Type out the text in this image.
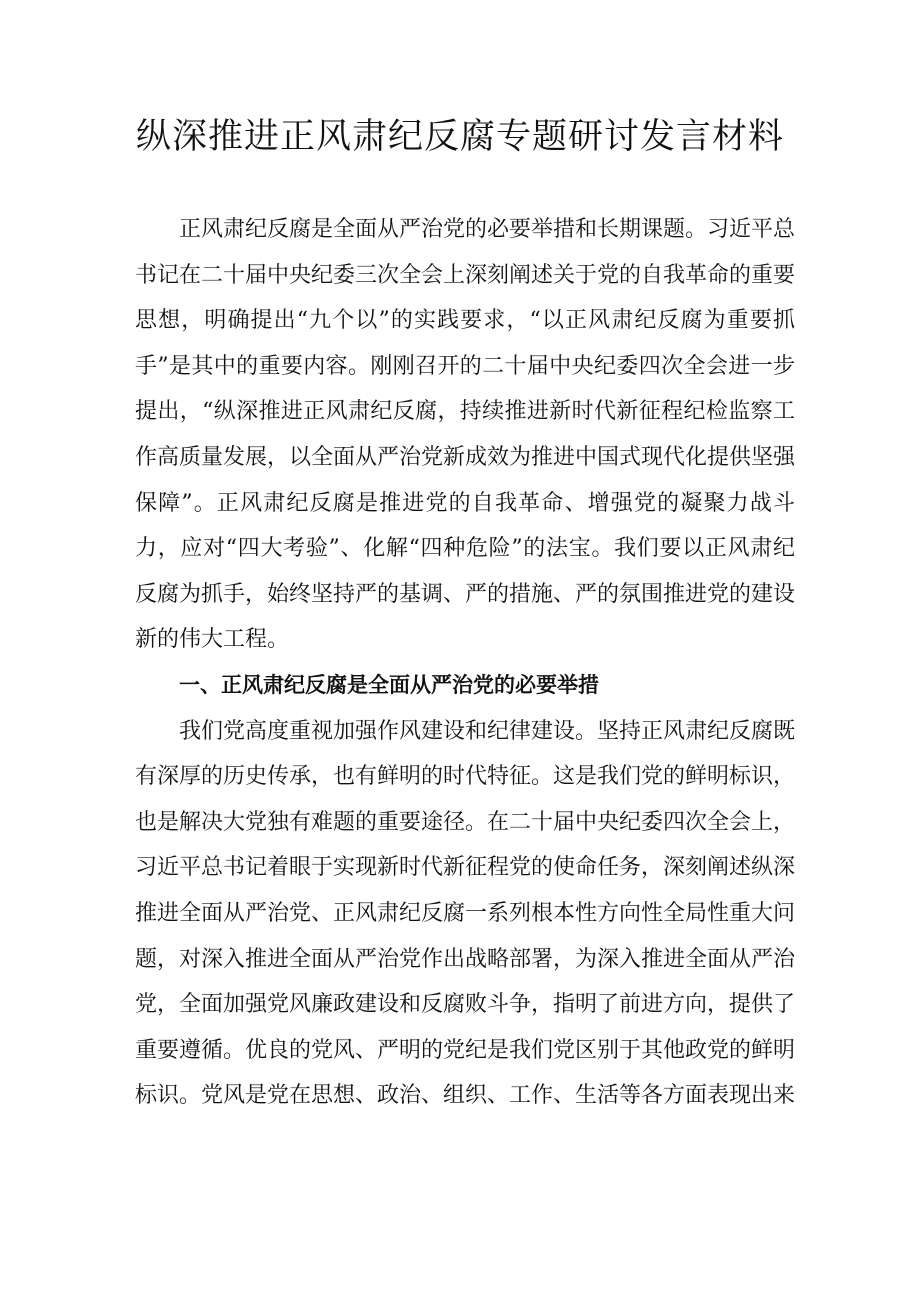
纵深推进正风肃纪反腐专题研讨发言材料

正风肃纪反腐是全面从严治党的必要举措和长期课题。习近平总书记在二十届中央纪委三次全会上深刻阐述关于党的自我革命的重要思想，明确提出“九个以”的实践要求，“以正风肃纪反腐为重要抓手”是其中的重要内容。刚刚召开的二十届中央纪委四次全会进一步提出，“纵深推进正风肃纪反腐，持续推进新时代新征程纪检监察工作高质量发展，以全面从严治党新成效为推进中国式现代化提供坚强保障”。正风肃纪反腐是推进党的自我革命、增强党的凝聚力战斗力，应对“四大考验”、化解“四种危险”的法宝。我们要以正风肃纪反腐为抓手，始终坚持严的基调、严的措施、严的氛围推进党的建设新的伟大工程。

一、正风肃纪反腐是全面从严治党的必要举措

我们党高度重视加强作风建设和纪律建设。坚持正风肃纪反腐既有深厚的历史传承，也有鲜明的时代特征。这是我们党的鲜明标识，也是解决大党独有难题的重要途径。在二十届中央纪委四次全会上，习近平总书记着眼于实现新时代新征程党的使命任务，深刻阐述纵深推进全面从严治党、正风肃纪反腐一系列根本性方向性全局性重大问题，对深入推进全面从严治党作出战略部署，为深入推进全面从严治党，全面加强党风廉政建设和反腐败斗争，指明了前进方向，提供了重要遵循。优良的党风、严明的党纪是我们党区别于其他政党的鲜明标识。党风是党在思想、政治、组织、工作、生活等各方面表现出来
